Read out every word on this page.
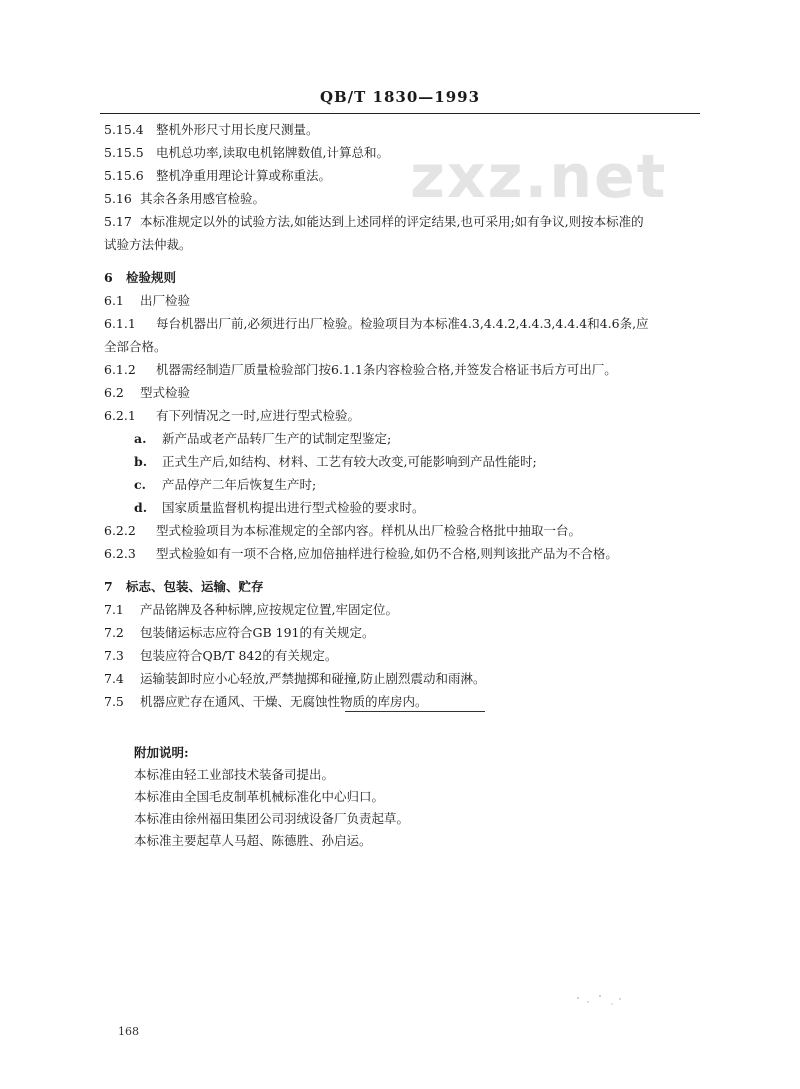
QB/T 1830—1993
zxz.net
5.15.4 整机外形尺寸用长度尺测量。
5.15.5 电机总功率,读取电机铭牌数值,计算总和。
5.15.6 整机净重用理论计算或称重法。
5.16 其余各条用感官检验。
5.17 本标准规定以外的试验方法,如能达到上述同样的评定结果,也可采用;如有争议,则按本标准的
试验方法仲裁。
6 检验规则
6.1 出厂检验
6.1.1 每台机器出厂前,必须进行出厂检验。检验项目为本标准4.3,4.4.2,4.4.3,4.4.4和4.6条,应
全部合格。
6.1.2 机器需经制造厂质量检验部门按6.1.1条内容检验合格,并签发合格证书后方可出厂。
6.2 型式检验
6.2.1 有下列情况之一时,应进行型式检验。
a. 新产品或老产品转厂生产的试制定型鉴定;
b. 正式生产后,如结构、材料、工艺有较大改变,可能影响到产品性能时;
c. 产品停产二年后恢复生产时;
d. 国家质量监督机构提出进行型式检验的要求时。
6.2.2 型式检验项目为本标准规定的全部内容。样机从出厂检验合格批中抽取一台。
6.2.3 型式检验如有一项不合格,应加倍抽样进行检验,如仍不合格,则判该批产品为不合格。
7 标志、包装、运输、贮存
7.1 产品铭牌及各种标牌,应按规定位置,牢固定位。
7.2 包装储运标志应符合GB 191的有关规定。
7.3 包装应符合QB/T 842的有关规定。
7.4 运输装卸时应小心轻放,严禁抛掷和碰撞,防止剧烈震动和雨淋。
7.5 机器应贮存在通风、干燥、无腐蚀性物质的库房内。
附加说明:
本标准由轻工业部技术装备司提出。
本标准由全国毛皮制革机械标准化中心归口。
本标准由徐州福田集团公司羽绒设备厂负责起草。
本标准主要起草人马超、陈德胜、孙启运。
168
